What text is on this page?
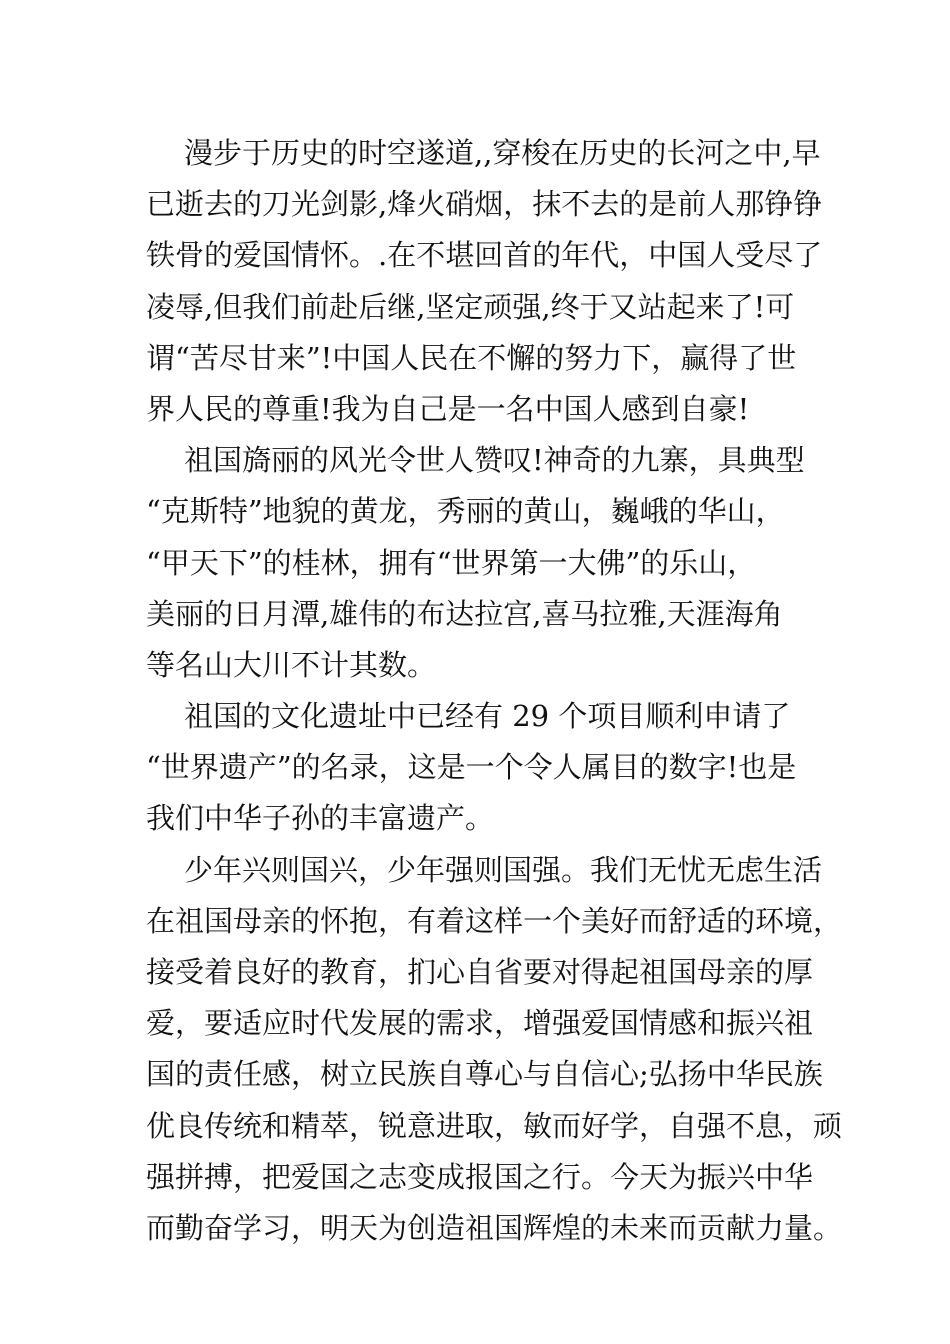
漫步于历史的时空遂道,,穿梭在历史的长河之中,早
已逝去的刀光剑影,烽火硝烟，抹不去的是前人那铮铮
铁骨的爱国情怀。.在不堪回首的年代，中国人受尽了
凌辱,但我们前赴后继,坚定顽强,终于又站起来了!可
谓“苦尽甘来”!中国人民在不懈的努力下，赢得了世
界人民的尊重!我为自己是一名中国人感到自豪!
祖国旖丽的风光令世人赞叹!神奇的九寨，具典型
“克斯特”地貌的黄龙，秀丽的黄山，巍峨的华山，
“甲天下”的桂林，拥有“世界第一大佛”的乐山，
美丽的日月潭,雄伟的布达拉宫,喜马拉雅,天涯海角
等名山大川不计其数。
祖国的文化遗址中已经有 29 个项目顺利申请了
“世界遗产”的名录，这是一个令人属目的数字!也是
我们中华子孙的丰富遗产。
少年兴则国兴，少年强则国强。我们无忧无虑生活
在祖国母亲的怀抱，有着这样一个美好而舒适的环境，
接受着良好的教育，扪心自省要对得起祖国母亲的厚
爱，要适应时代发展的需求，增强爱国情感和振兴祖
国的责任感，树立民族自尊心与自信心;弘扬中华民族
优良传统和精萃，锐意进取，敏而好学，自强不息，顽
强拼搏，把爱国之志变成报国之行。今天为振兴中华
而勤奋学习，明天为创造祖国辉煌的未来而贡献力量。
